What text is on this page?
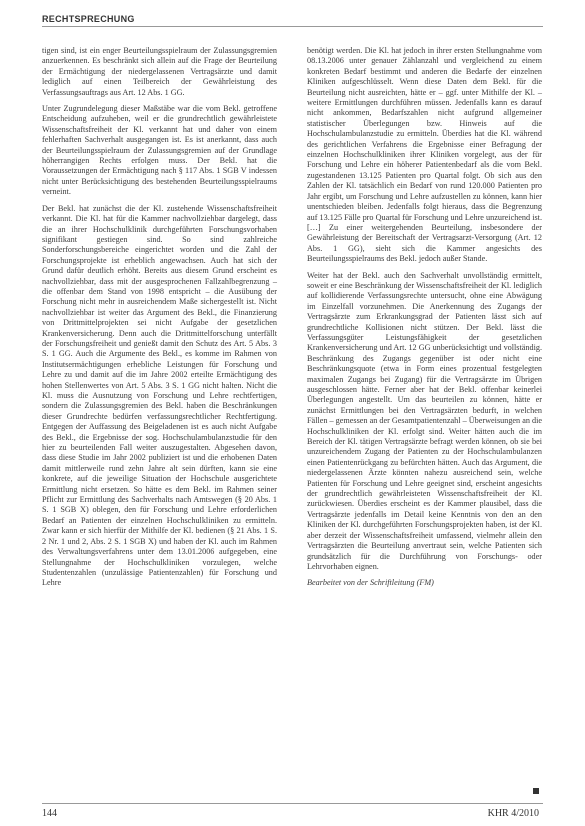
RECHTSPRECHUNG

tigen sind, ist ein enger Beurteilungsspielraum der Zulassungsgremien anzuerkennen. Es beschränkt sich allein auf die Frage der Beurteilung der Ermächtigung der niedergelassenen Vertragsärzte und damit lediglich auf einen Teilbereich der Gewährleistung des Verfassungsauftrags aus Art. 12 Abs. 1 GG.

Unter Zugrundelegung dieser Maßstäbe war die vom Bekl. getroffene Entscheidung aufzuheben, weil er die grundrechtlich gewährleistete Wissenschaftsfreiheit der Kl. verkannt hat und daher von einem fehlerhaften Sachverhalt ausgegangen ist. Es ist anerkannt, dass auch der Beurteilungsspielraum der Zulassungsgremien auf der Grundlage höherrangigen Rechts erfolgen muss. Der Bekl. hat die Voraussetzungen der Ermächtigung nach § 117 Abs. 1 SGB V indessen nicht unter Berücksichtigung des bestehenden Beurteilungsspielraums verneint.

Der Bekl. hat zunächst die der Kl. zustehende Wissenschaftsfreiheit verkannt. Die Kl. hat für die Kammer nachvollziehbar dargelegt, dass die an ihrer Hochschulklinik durchgeführten Forschungsvorhaben signifikant gestiegen sind. So sind zahlreiche Sonderforschungsbereiche eingerichtet worden und die Zahl der Forschungsprojekte ist erheblich angewachsen. Auch hat sich der Grund dafür deutlich erhöht. Bereits aus diesem Grund erscheint es nachvollziehbar, dass mit der ausgesprochenen Fallzahlbegrenzung – die offenbar dem Stand von 1998 entspricht – die Ausübung der Forschung nicht mehr in ausreichendem Maße sichergestellt ist. Nicht nachvollziehbar ist weiter das Argument des Bekl., die Finanzierung von Drittmittelprojekten sei nicht Aufgabe der gesetzlichen Krankenversicherung. Denn auch die Drittmittelforschung unterfällt der Forschungsfreiheit und genießt damit den Schutz des Art. 5 Abs. 3 S. 1 GG. Auch die Argumente des Bekl., es komme im Rahmen von Institutsermächtigungen erhebliche Leistungen für Forschung und Lehre zu und damit auf die im Jahre 2002 erteilte Ermächtigung des hohen Stellenwertes von Art. 5 Abs. 3 S. 1 GG nicht halten. Nicht die Kl. muss die Ausnutzung von Forschung und Lehre rechtfertigen, sondern die Zulassungsgremien des Bekl. haben die Beschränkungen dieser Grundrechte bedürfen verfassungsrechtlicher Rechtfertigung. Entgegen der Auffassung des Beigeladenen ist es auch nicht Aufgabe des Bekl., die Ergebnisse der sog. Hochschulambulanzstudie für den hier zu beurteilenden Fall weiter auszugestalten. Abgesehen davon, dass diese Studie im Jahr 2002 publiziert ist und die erhobenen Daten damit mittlerweile rund zehn Jahre alt sein dürften, kann sie eine konkrete, auf die jeweilige Situation der Hochschule ausgerichtete Ermittlung nicht ersetzen. So hätte es dem Bekl. im Rahmen seiner Pflicht zur Ermittlung des Sachverhalts nach Amtswegen (§ 20 Abs. 1 S. 1 SGB X) oblegen, den für Forschung und Lehre erforderlichen Bedarf an Patienten der einzelnen Hochschulkliniken zu ermitteln. Zwar kann er sich hierfür der Mithilfe der Kl. bedienen (§ 21 Abs. 1 S. 2 Nr. 1 und 2, Abs. 2 S. 1 SGB X) und haben der Kl. auch im Rahmen des Verwaltungsverfahrens unter dem 13.01.2006 aufgegeben, eine Stellungnahme der Hochschulkliniken vorzulegen, welche Studentenzahlen (unzulässige Patientenzahlen) für Forschung und Lehre

benötigt werden. Die Kl. hat jedoch in ihrer ersten Stellungnahme vom 08.13.2006 unter genauer Zählanzahl und vergleichend zu einem konkreten Bedarf bestimmt und anderen die Bedarfe der einzelnen Kliniken aufgeschlüsselt. Wenn diese Daten dem Bekl. für die Beurteilung nicht ausreichten, hätte er – ggf. unter Mithilfe der Kl. – weitere Ermittlungen durchführen müssen. Jedenfalls kann es darauf nicht ankommen, Bedarfszahlen nicht aufgrund allgemeiner statistischer Überlegungen bzw. Hinweis auf die Hochschulambulanzstudie zu ermitteln. Überdies hat die Kl. während des gerichtlichen Verfahrens die Ergebnisse einer Befragung der einzelnen Hochschulkliniken ihrer Kliniken vorgelegt, aus der für Forschung und Lehre ein höherer Patientenbedarf als die vom Bekl. zugestandenen 13.125 Patienten pro Quartal folgt. Ob sich aus den Zahlen der Kl. tatsächlich ein Bedarf von rund 120.000 Patienten pro Jahr ergibt, um Forschung und Lehre aufzustellen zu können, kann hier unentschieden bleiben. Jedenfalls folgt hieraus, dass die Begrenzung auf 13.125 Fälle pro Quartal für Forschung und Lehre unzureichend ist. […] Zu einer weitergehenden Beurteilung, insbesondere der Gewährleistung der Bereitschaft der Vertragsarzt-Versorgung (Art. 12 Abs. 1 GG), sieht sich die Kammer angesichts des Beurteilungsspielraums des Bekl. jedoch außer Stande.

Weiter hat der Bekl. auch den Sachverhalt unvollständig ermittelt, soweit er eine Beschränkung der Wissenschaftsfreiheit der Kl. lediglich auf kollidierende Verfassungsrechte untersucht, ohne eine Abwägung im Einzelfall vorzunehmen. Die Anerkennung des Zugangs der Vertragsärzte zum Erkrankungsgrad der Patienten lässt sich auf grundrechtliche Kollisionen nicht stützen. Der Bekl. lässt die Verfassungsgüter Leistungsfähigkeit der gesetzlichen Krankenversicherung und Art. 12 GG unberücksichtigt und vollständig. Beschränkung des Zugangs gegenüber ist oder nicht eine Beschränkungsquote (etwa in Form eines prozentual festgelegten maximalen Zugangs bei Zugang) für die Vertragsärzte im Übrigen ausgeschlossen hätte. Ferner aber hat der Bekl. offenbar keinerlei Überlegungen angestellt. Um das beurteilen zu können, hätte er zunächst Ermittlungen bei den Vertragsärzten bedurft, in welchen Fällen – gemessen an der Gesamtpatientenzahl – Überweisungen an die Hochschulkliniken der Kl. erfolgt sind. Weiter hätten auch die im Bereich der Kl. tätigen Vertragsärzte befragt werden können, ob sie bei unzureichendem Zugang der Patienten zu der Hochschulambulanzen einen Patientenrückgang zu befürchten hätten. Auch das Argument, die niedergelassenen Ärzte könnten nahezu ausreichend sein, welche Patienten für Forschung und Lehre geeignet sind, erscheint angesichts der grundrechtlich gewährleisteten Wissenschaftsfreiheit der Kl. zurückwiesen. Überdies erscheint es der Kammer plausibel, dass die Vertragsärzte jedenfalls im Detail keine Kenntnis von den an den Kliniken der Kl. durchgeführten Forschungsprojekten haben, ist der Kl. aber derzeit der Wissenschaftsfreiheit umfassend, vielmehr allein den Vertragsärzten die Beurteilung anvertraut sein, welche Patienten sich grundsätzlich für die Durchführung von Forschungs- oder Lehrvorhaben eignen.

Bearbeitet von der Schriftleitung (FM)

144	KHR 4/2010
